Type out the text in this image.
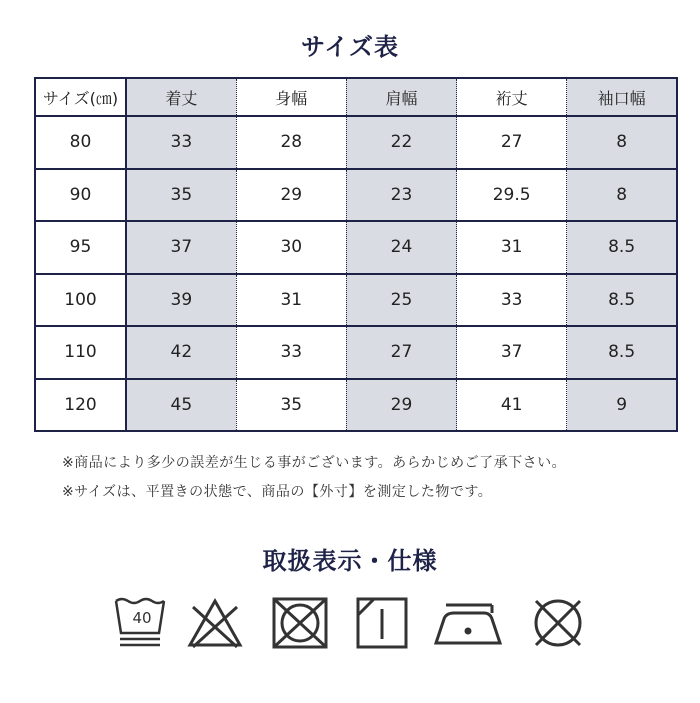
サイズ表
サイズ(㎝)	着丈	身幅	肩幅	裄丈	袖口幅
80	33	28	22	27	8
90	35	29	23	29.5	8
95	37	30	24	31	8.5
100	39	31	25	33	8.5
110	42	33	27	37	8.5
120	45	35	29	41	9
※商品により多少の誤差が生じる事がございます。あらかじめご了承下さい。
※サイズは、平置きの状態で、商品の【外寸】を測定した物です。
取扱表示・仕様
40
